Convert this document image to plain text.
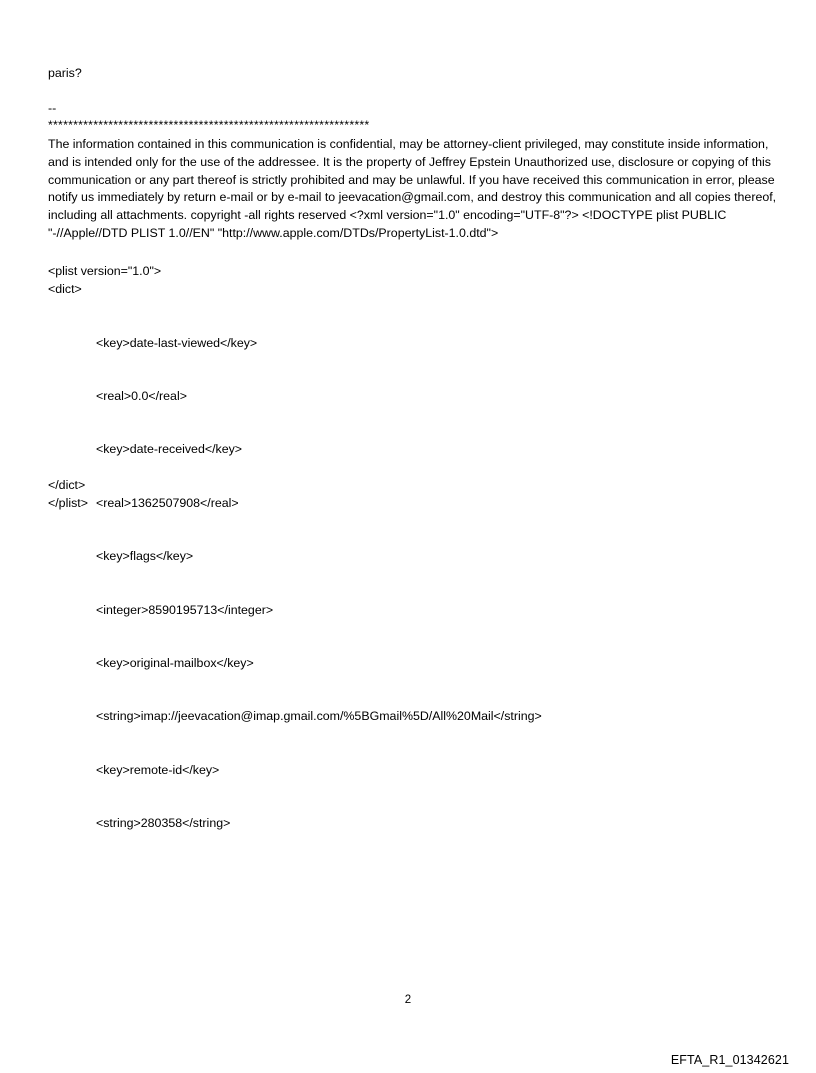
paris?
--
****************************************************************
The information contained in this communication is confidential, may be attorney-client privileged, may constitute inside information, and is intended only for the use of the addressee. It is the property of Jeffrey Epstein Unauthorized use, disclosure or copying of this communication or any part thereof is strictly prohibited and may be unlawful. If you have received this communication in error, please notify us immediately by return e-mail or by e-mail to jeevacation@gmail.com, and destroy this communication and all copies thereof, including all attachments. copyright -all rights reserved <?xml version="1.0" encoding="UTF-8"?> <!DOCTYPE plist PUBLIC "-//Apple//DTD PLIST 1.0//EN" "http://www.apple.com/DTDs/PropertyList-1.0.dtd">
<plist version="1.0">
<dict>

<key>date-last-viewed</key>

<real>0.0</real>

<key>date-received</key>

<real>1362507908</real>

<key>flags</key>

<integer>8590195713</integer>

<key>original-mailbox</key>

<string>imap://jeevacation@imap.gmail.com/%5BGmail%5D/All%20Mail</string>

<key>remote-id</key>

<string>280358</string>

</dict>
</plist>
2
EFTA_R1_01342621
